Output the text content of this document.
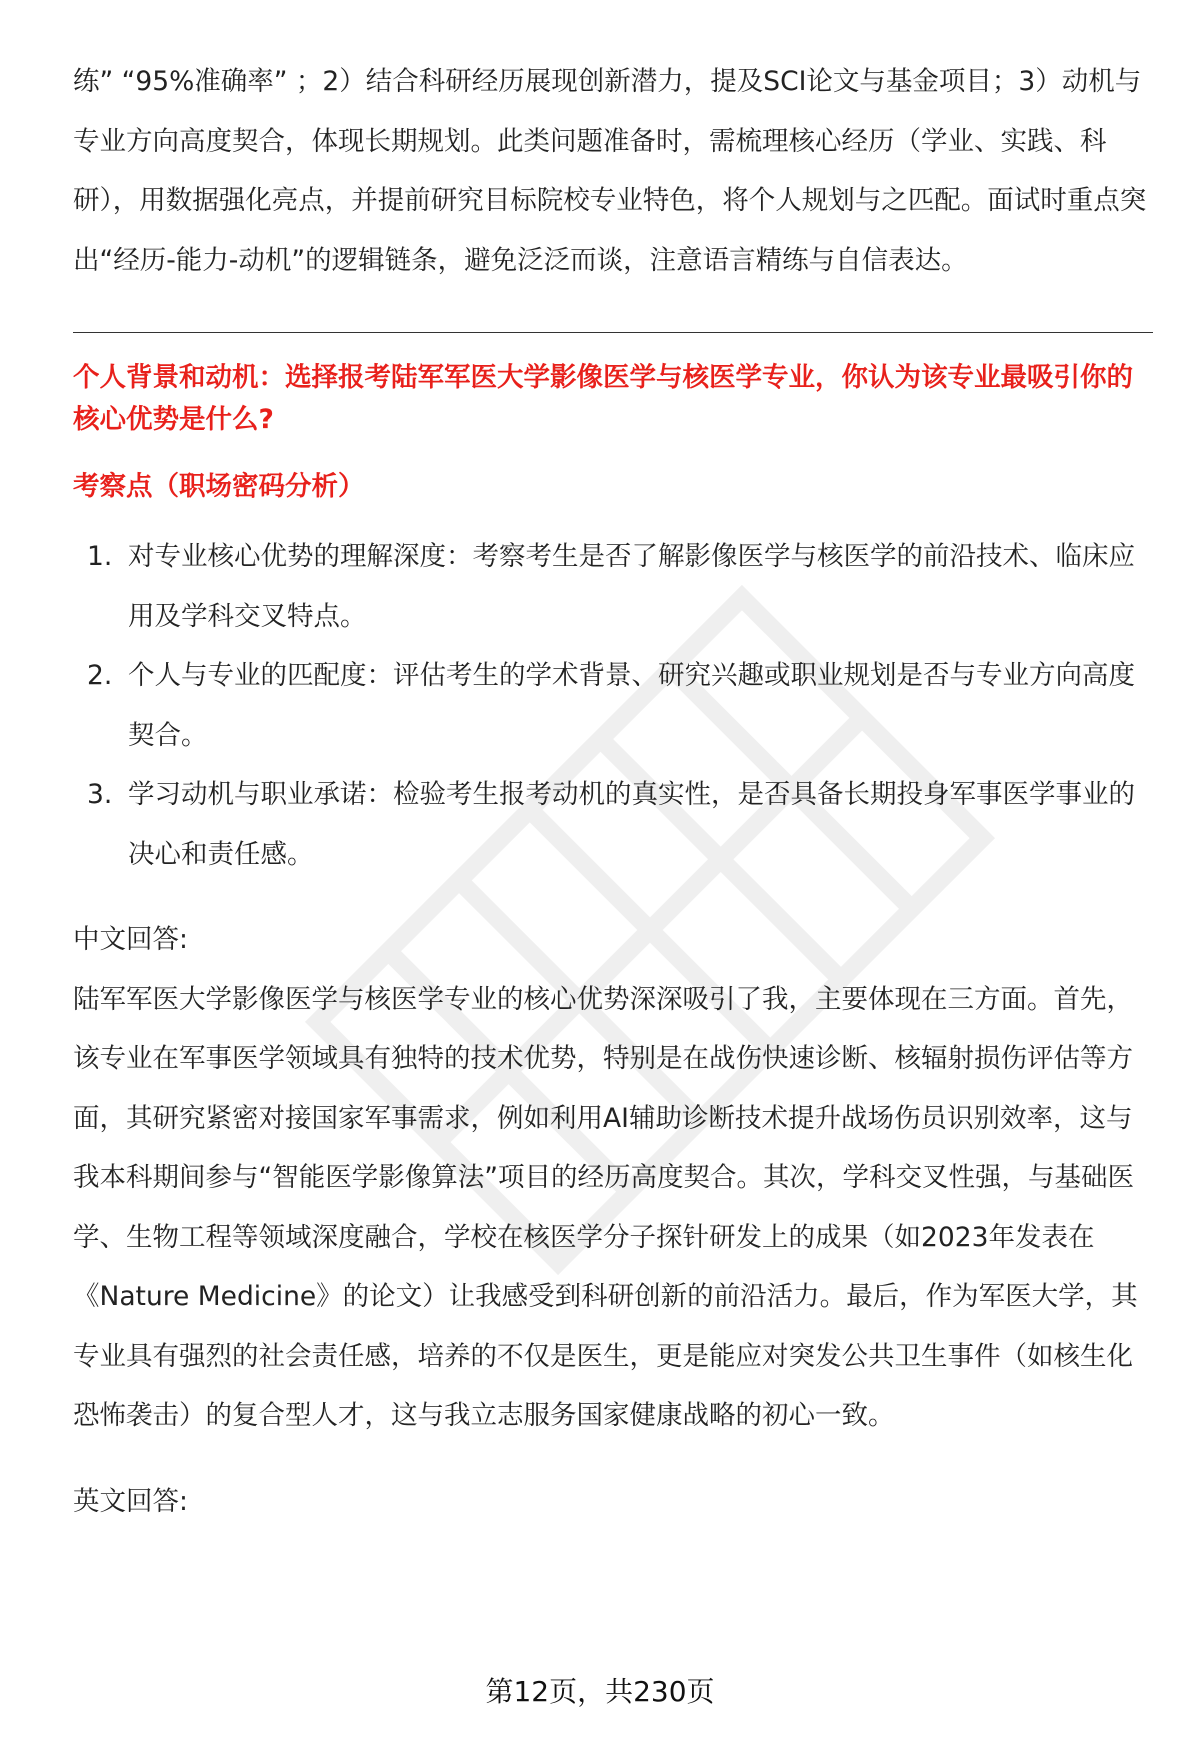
练” “95%准确率” ；2）结合科研经历展现创新潜力，提及SCI论文与基金项目；3）动机与专业方向高度契合，体现长期规划。此类问题准备时，需梳理核心经历（学业、实践、科研），用数据强化亮点，并提前研究目标院校专业特色，将个人规划与之匹配。面试时重点突出“经历-能力-动机”的逻辑链条，避免泛泛而谈，注意语言精练与自信表达。

个人背景和动机：选择报考陆军军医大学影像医学与核医学专业，你认为该专业最吸引你的核心优势是什么?

考察点（职场密码分析）

1. 对专业核心优势的理解深度：考察考生是否了解影像医学与核医学的前沿技术、临床应用及学科交叉特点。
2. 个人与专业的匹配度：评估考生的学术背景、研究兴趣或职业规划是否与专业方向高度契合。
3. 学习动机与职业承诺：检验考生报考动机的真实性，是否具备长期投身军事医学事业的决心和责任感。

中文回答:

陆军军医大学影像医学与核医学专业的核心优势深深吸引了我，主要体现在三方面。首先，该专业在军事医学领域具有独特的技术优势，特别是在战伤快速诊断、核辐射损伤评估等方面，其研究紧密对接国家军事需求，例如利用AI辅助诊断技术提升战场伤员识别效率，这与我本科期间参与“智能医学影像算法”项目的经历高度契合。其次，学科交叉性强，与基础医学、生物工程等领域深度融合，学校在核医学分子探针研发上的成果（如2023年发表在《Nature Medicine》的论文）让我感受到科研创新的前沿活力。最后，作为军医大学，其专业具有强烈的社会责任感，培养的不仅是医生，更是能应对突发公共卫生事件（如核生化恐怖袭击）的复合型人才，这与我立志服务国家健康战略的初心一致。

英文回答:

第12页，共230页
